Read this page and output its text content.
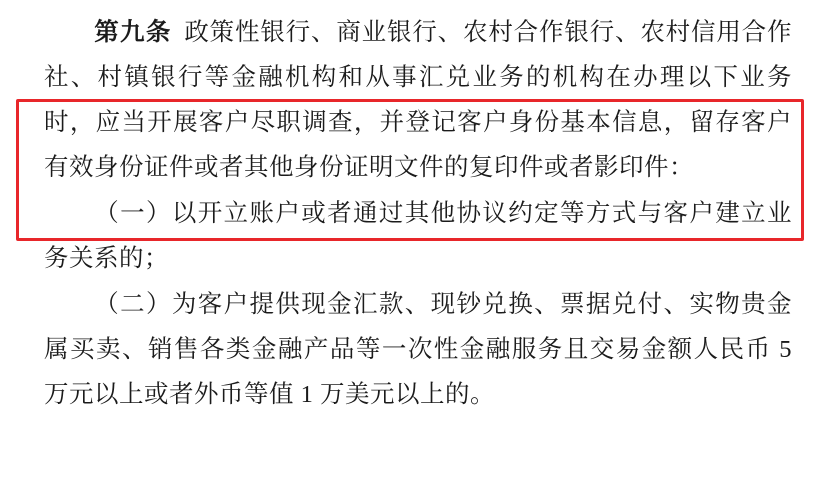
第九条 政策性银行、商业银行、农村合作银行、农村信用合作社、村镇银行等金融机构和从事汇兑业务的机构在办理以下业务时，应当开展客户尽职调查，并登记客户身份基本信息，留存客户有效身份证件或者其他身份证明文件的复印件或者影印件：

（一）以开立账户或者通过其他协议约定等方式与客户建立业务关系的；

（二）为客户提供现金汇款、现钞兑换、票据兑付、实物贵金属买卖、销售各类金融产品等一次性金融服务且交易金额人民币 5 万元以上或者外币等值 1 万美元以上的。
